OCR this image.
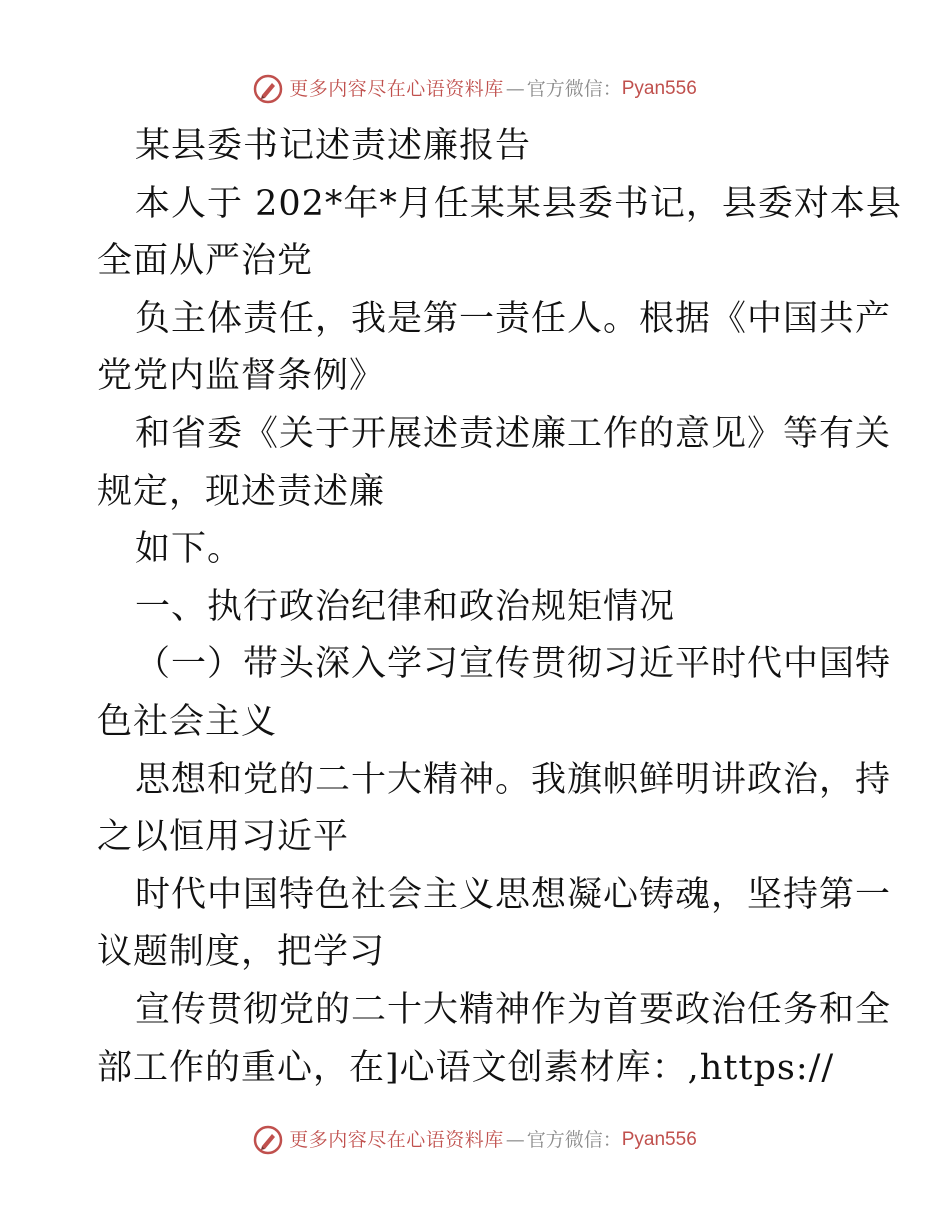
更多内容尽在心语资料库 — 官方微信： Pyan556
某县委书记述责述廉报告
本人于 202*年*月任某某县委书记，县委对本县
全面从严治党
负主体责任，我是第一责任人。根据《中国共产
党党内监督条例》
和省委《关于开展述责述廉工作的意见》等有关
规定，现述责述廉
如下。
一、执行政治纪律和政治规矩情况
（一）带头深入学习宣传贯彻习近平时代中国特
色社会主义
思想和党的二十大精神。我旗帜鲜明讲政治，持
之以恒用习近平
时代中国特色社会主义思想凝心铸魂，坚持第一
议题制度，把学习
宣传贯彻党的二十大精神作为首要政治任务和全
部工作的重心，在]心语文创素材库：,https://
更多内容尽在心语资料库 — 官方微信： Pyan556
